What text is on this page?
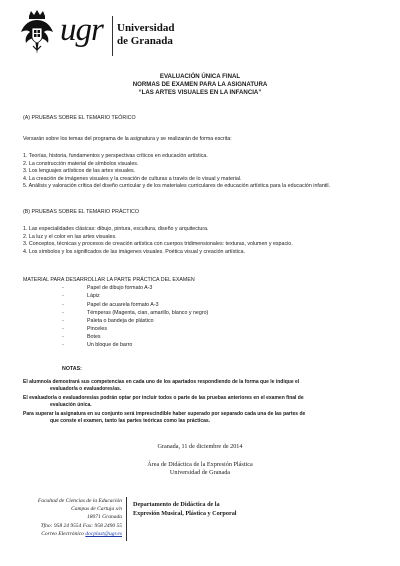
ugr Universidad
de Granada
EVALUACIÓN ÚNICA FINAL
NORMAS DE EXAMEN PARA LA ASIGNATURA
“LAS ARTES VISUALES EN LA INFANCIA”
(A) PRUEBAS SOBRE EL TEMARIO TEÓRICO
Versarán sobre los temas del programa de la asignatura y se realizarán de forma escrita:
1. Teorías, historia, fundamentos y perspectivas críticos en educación artística.
2. La construcción material de símbolos visuales.
3. Los lenguajes artísticos de las artes visuales.
4. La creación de imágenes visuales y la creación de culturas a través de lo visual y material.
5. Análisis y valoración crítica del diseño curricular y de los materiales curriculares de educación artística para la educación infantil.
(B) PRUEBAS SOBRE EL TEMARIO PRÁCTICO
1. Las especialidades clásicas: dibujo, pintura, escultura, diseño y arquitectura.
2. La luz y el color en las artes visuales.
3. Conceptos, técnicas y procesos de creación artística con cuerpos tridimensionales: texturas, volumen y espacio.
4. Los símbolos y los significados de las imágenes visuales. Poética visual y creación artística.
MATERIAL PARA DESARROLLAR LA PARTE PRÁCTICA DEL EXAMEN
-	Papel de dibujo formato A-3
-	Lápiz
-	Papel de acuarela formato A-3
-	Témperas (Magenta, cian, amarillo, blanco y negro)
-	Paleta o bandeja de plástico
-	Pinceles
-	Botes
-	Un bloque de barro
NOTAS:
El alumno/a demostrará sus competencias en cada uno de los apartados respondiendo de la forma que le indique el
evaluador/a o evaluadores/as.
El evaluador/a o evaluadores/as podrán optar por incluir todos o parte de las pruebas anteriores en el examen final de
evaluación única.
Para superar la asignatura en su conjunto será imprescindible haber superado por separado cada una de las partes de
que conste el examen, tanto las partes teóricas como las prácticas.
Granada, 11 de diciembre de 2014
Área de Didáctica de la Expresión Plástica
Universidad de Granada
Facultad de Ciencias de la Educación
Campus de Cartuja s/n
18071 Granada
Tfno: 958 24 9554 Fax: 958 2490 55
Correo Electrónico docplast@ugr.es
Departamento de Didáctica de la
Expresión Musical, Plástica y Corporal
